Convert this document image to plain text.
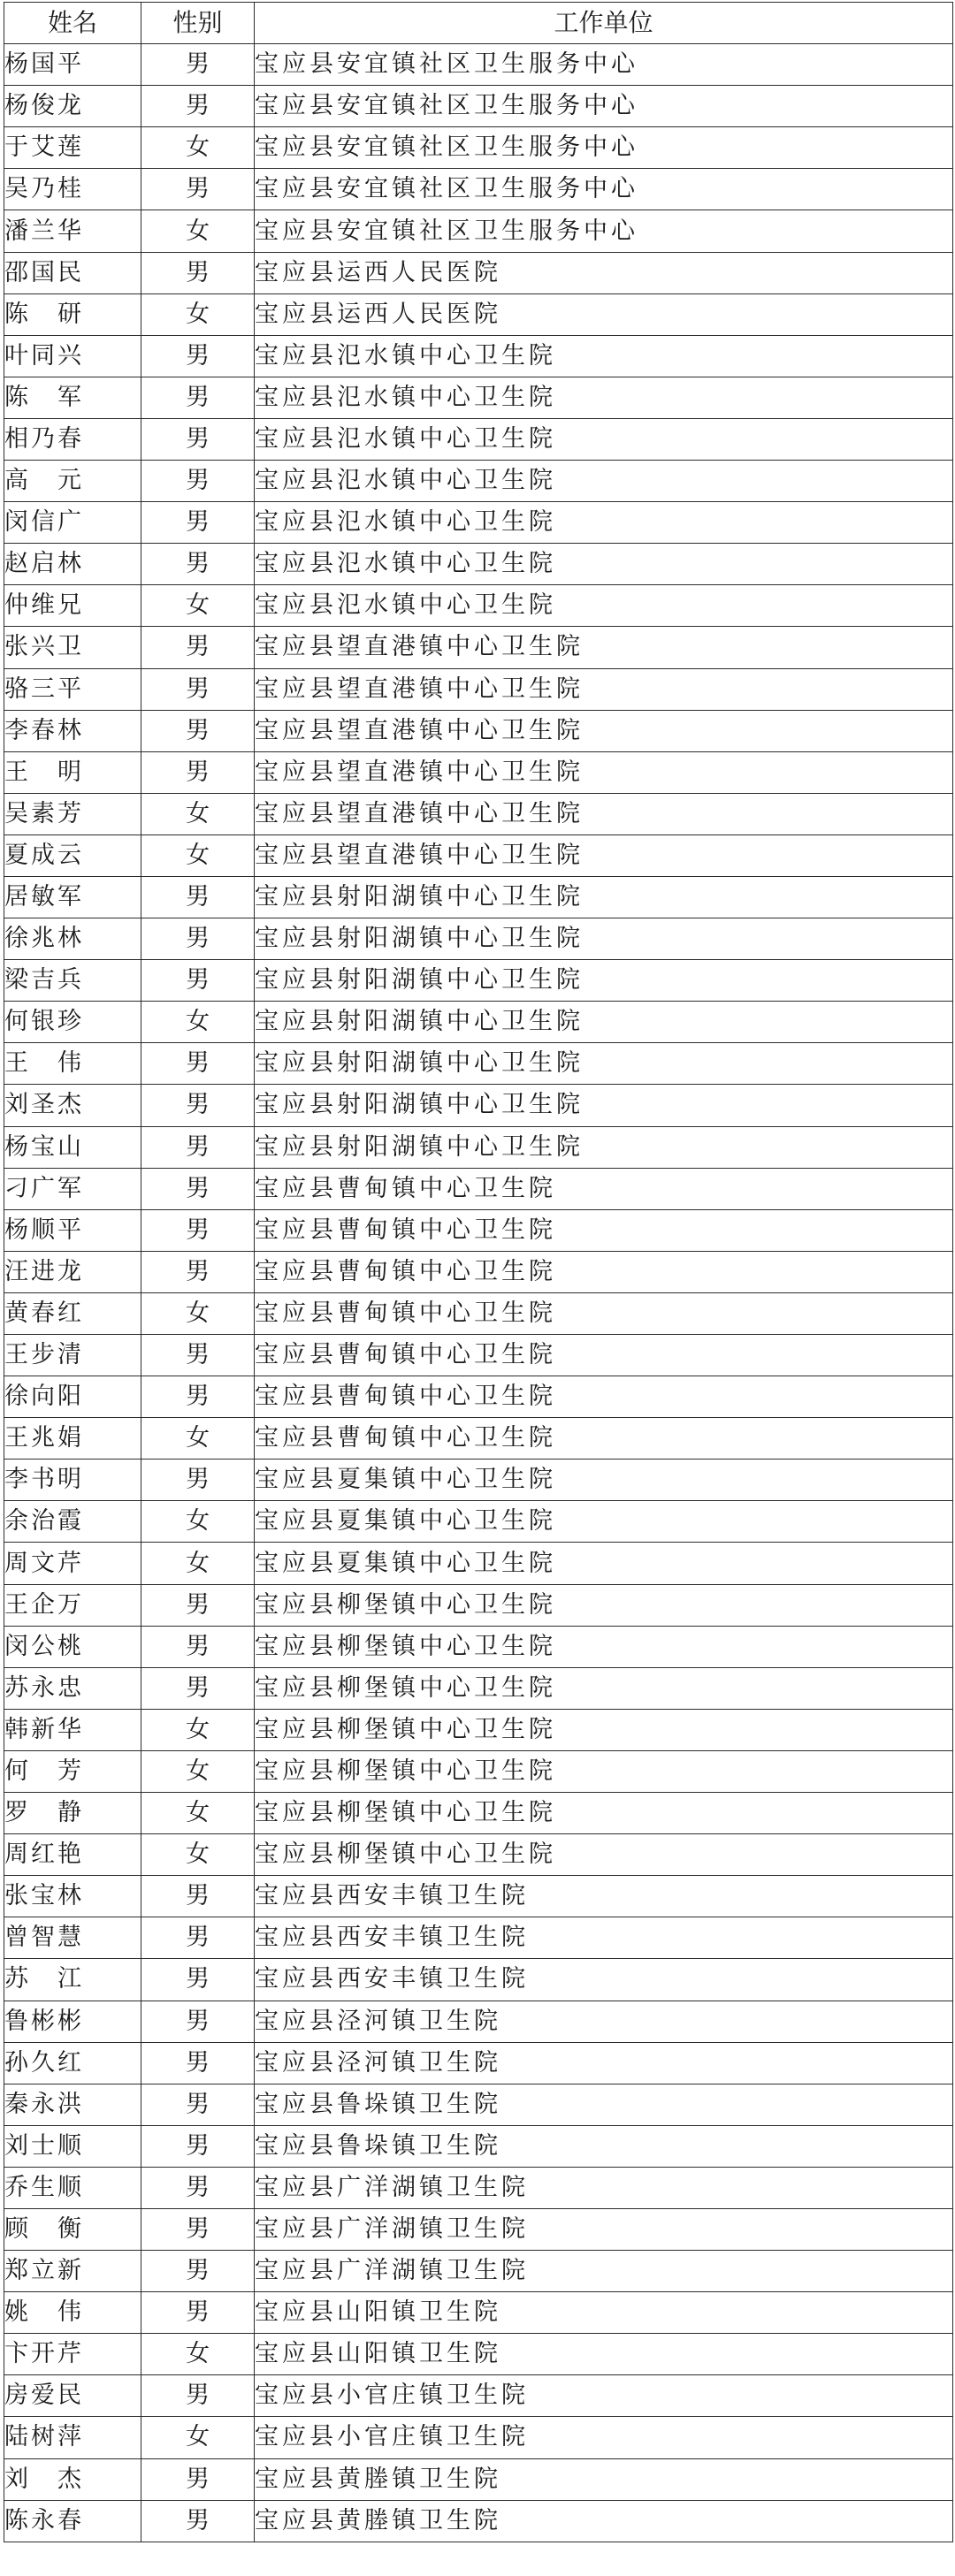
姓名	性别	工作单位
杨国平	男	宝应县安宜镇社区卫生服务中心
杨俊龙	男	宝应县安宜镇社区卫生服务中心
于艾莲	女	宝应县安宜镇社区卫生服务中心
吴乃桂	男	宝应县安宜镇社区卫生服务中心
潘兰华	女	宝应县安宜镇社区卫生服务中心
邵国民	男	宝应县运西人民医院
陈　研	女	宝应县运西人民医院
叶同兴	男	宝应县氾水镇中心卫生院
陈　军	男	宝应县氾水镇中心卫生院
相乃春	男	宝应县氾水镇中心卫生院
高　元	男	宝应县氾水镇中心卫生院
闵信广	男	宝应县氾水镇中心卫生院
赵启林	男	宝应县氾水镇中心卫生院
仲维兄	女	宝应县氾水镇中心卫生院
张兴卫	男	宝应县望直港镇中心卫生院
骆三平	男	宝应县望直港镇中心卫生院
李春林	男	宝应县望直港镇中心卫生院
王　明	男	宝应县望直港镇中心卫生院
吴素芳	女	宝应县望直港镇中心卫生院
夏成云	女	宝应县望直港镇中心卫生院
居敏军	男	宝应县射阳湖镇中心卫生院
徐兆林	男	宝应县射阳湖镇中心卫生院
梁吉兵	男	宝应县射阳湖镇中心卫生院
何银珍	女	宝应县射阳湖镇中心卫生院
王　伟	男	宝应县射阳湖镇中心卫生院
刘圣杰	男	宝应县射阳湖镇中心卫生院
杨宝山	男	宝应县射阳湖镇中心卫生院
刁广军	男	宝应县曹甸镇中心卫生院
杨顺平	男	宝应县曹甸镇中心卫生院
汪进龙	男	宝应县曹甸镇中心卫生院
黄春红	女	宝应县曹甸镇中心卫生院
王步清	男	宝应县曹甸镇中心卫生院
徐向阳	男	宝应县曹甸镇中心卫生院
王兆娟	女	宝应县曹甸镇中心卫生院
李书明	男	宝应县夏集镇中心卫生院
余治霞	女	宝应县夏集镇中心卫生院
周文芹	女	宝应县夏集镇中心卫生院
王企万	男	宝应县柳堡镇中心卫生院
闵公桃	男	宝应县柳堡镇中心卫生院
苏永忠	男	宝应县柳堡镇中心卫生院
韩新华	女	宝应县柳堡镇中心卫生院
何　芳	女	宝应县柳堡镇中心卫生院
罗　静	女	宝应县柳堡镇中心卫生院
周红艳	女	宝应县柳堡镇中心卫生院
张宝林	男	宝应县西安丰镇卫生院
曾智慧	男	宝应县西安丰镇卫生院
苏　江	男	宝应县西安丰镇卫生院
鲁彬彬	男	宝应县泾河镇卫生院
孙久红	男	宝应县泾河镇卫生院
秦永洪	男	宝应县鲁垛镇卫生院
刘士顺	男	宝应县鲁垛镇卫生院
乔生顺	男	宝应县广洋湖镇卫生院
顾　衡	男	宝应县广洋湖镇卫生院
郑立新	男	宝应县广洋湖镇卫生院
姚　伟	男	宝应县山阳镇卫生院
卞开芹	女	宝应县山阳镇卫生院
房爱民	男	宝应县小官庄镇卫生院
陆树萍	女	宝应县小官庄镇卫生院
刘　杰	男	宝应县黄塍镇卫生院
陈永春	男	宝应县黄塍镇卫生院
